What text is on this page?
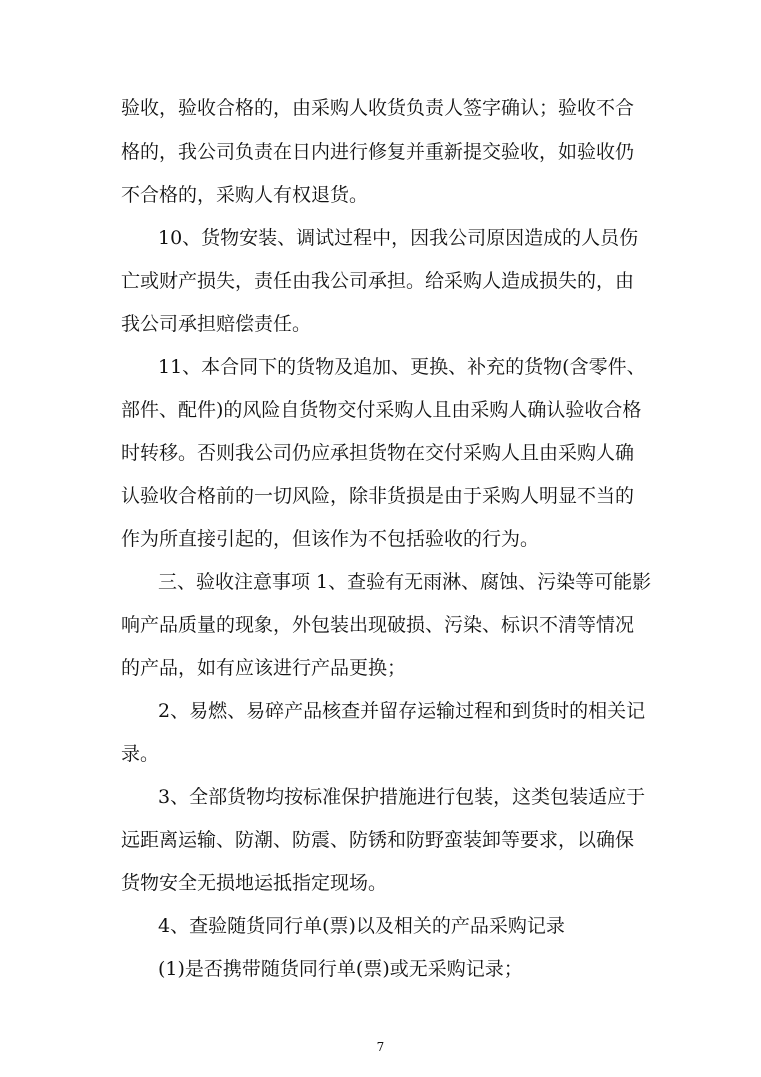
验收，验收合格的，由采购人收货负责人签字确认；验收不合
格的，我公司负责在日内进行修复并重新提交验收，如验收仍
不合格的，采购人有权退货。
10、货物安装、调试过程中，因我公司原因造成的人员伤
亡或财产损失，责任由我公司承担。给采购人造成损失的，由
我公司承担赔偿责任。
11、本合同下的货物及追加、更换、补充的货物(含零件、
部件、配件)的风险自货物交付采购人且由采购人确认验收合格
时转移。否则我公司仍应承担货物在交付采购人且由采购人确
认验收合格前的一切风险，除非货损是由于采购人明显不当的
作为所直接引起的，但该作为不包括验收的行为。
三、验收注意事项 1、查验有无雨淋、腐蚀、污染等可能影
响产品质量的现象，外包装出现破损、污染、标识不清等情况
的产品，如有应该进行产品更换；
2、易燃、易碎产品核查并留存运输过程和到货时的相关记
录。
3、全部货物均按标准保护措施进行包装，这类包装适应于
远距离运输、防潮、防震、防锈和防野蛮装卸等要求，以确保
货物安全无损地运抵指定现场。
4、查验随货同行单(票)以及相关的产品采购记录
(1)是否携带随货同行单(票)或无采购记录；
7
